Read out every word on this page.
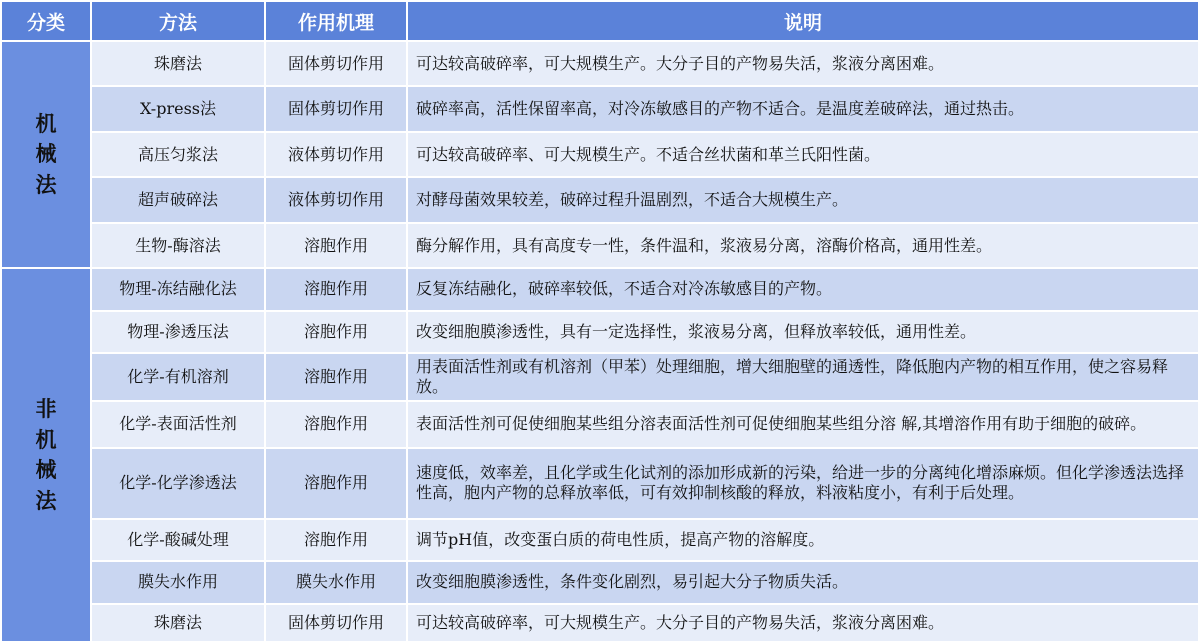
分类	方法	作用机理	说明
机械法	珠磨法	固体剪切作用	可达较高破碎率，可大规模生产。大分子目的产物易失活，浆液分离困难。
	X-press法	固体剪切作用	破碎率高，活性保留率高，对冷冻敏感目的产物不适合。是温度差破碎法，通过热击。
	高压匀浆法	液体剪切作用	可达较高破碎率、可大规模生产。不适合丝状菌和革兰氏阳性菌。
	超声破碎法	液体剪切作用	对酵母菌效果较差，破碎过程升温剧烈，不适合大规模生产。
	生物-酶溶法	溶胞作用	酶分解作用，具有高度专一性，条件温和，浆液易分离，溶酶价格高，通用性差。
非机械法	物理-冻结融化法	溶胞作用	反复冻结融化，破碎率较低，不适合对冷冻敏感目的产物。
	物理-渗透压法	溶胞作用	改变细胞膜渗透性，具有一定选择性，浆液易分离，但释放率较低，通用性差。
	化学-有机溶剂	溶胞作用	用表面活性剂或有机溶剂（甲苯）处理细胞，增大细胞壁的通透性，降低胞内产物的相互作用，使之容易释放。
	化学-表面活性剂	溶胞作用	表面活性剂可促使细胞某些组分溶表面活性剂可促使细胞某些组分溶 解,其增溶作用有助于细胞的破碎。
	化学-化学渗透法	溶胞作用	速度低，效率差，且化学或生化试剂的添加形成新的污染，给进一步的分离纯化增添麻烦。但化学渗透法选择性高，胞内产物的总释放率低，可有效抑制核酸的释放，料液粘度小，有利于后处理。
	化学-酸碱处理	溶胞作用	调节pH值，改变蛋白质的荷电性质，提高产物的溶解度。
	膜失水作用	膜失水作用	改变细胞膜渗透性，条件变化剧烈，易引起大分子物质失活。
	珠磨法	固体剪切作用	可达较高破碎率，可大规模生产。大分子目的产物易失活，浆液分离困难。
